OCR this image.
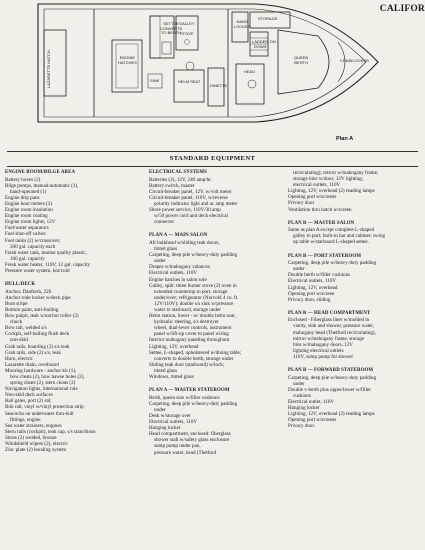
LAZARETTE HATCH	ENGINE
HATCHES
SETTEE
CONVERTS
TO BERTH
GALLEY
STOVE
SINK	HELM SEAT
DINETTE
HANG
LOCKER
STORAGE
LADDER
DOWN
DN
HEAD
QUEEN
BERTH	CHAINLOCKER
CALIFOR
Plan A
STANDARD EQUIPMENT
ENGINE ROOM/BILGE AREA
Battery boxes (2)
Bilge pumps, manual/automatic (1),
hand-operated (1)
Engine drip pans
Engine hour meters (2)
Engine room insulation
Engine room coating
Engine room lights, 12V
Fuel/water separators
Fuel shut-off valves
Fuel tanks (2) w/crossover,
200 gal. capacity each
Fresh water tank, marine quality plastic,
100 gal. capacity
Fresh water heater, 110V, 12 gal. capacity
Pressure water system, hot/cold
HULL/DECK
Anchor, Danforth, 22S
Anchor rode locker w/deck pipe
Boot stripe
Bottom paint, anti-fouling
Bow pulpit, teak w/anchor roller (2)
chock
Bow rail, welded s/s
Cockpit, self-bailing flush deck
non-skid
Grab rails, boarding (2) s/s teak
Grab rails, side (2) s/s, teak
Horn, electric
Lazarette drain, overboard
Mooring hardware - anchor kit (1),
bow cleats (2), bow hawse holes (2),
spring cleats (2), stern cleats (2)
Navigation lights, international rule
Non-skid deck surfaces
Rail gates, port (2) std.
Rub rail, vinyl w/vinyl protection strip
Seacocks on underwater thru-hull
fittings, engine
Sea water strainers, engines
Stern rails (cockpit), teak cap, s/s stanchions
Struts (2) welded, bronze
Windshield wipers (2), electric
Zinc plate (2) bonding system
ELECTRICAL SYSTEMS
Batteries (2), 12V, 240 amp/hr.
Battery switch, master
Circuit-breaker panel, 12V, w/volt meter
Circuit-breaker panel, 110V, w/reverse
polarity indicator light and ac amp meter
Shore power service, 110V/30 amp
w/50 power cord and deck electrical
connector
PLAN A — MAIN SALON
Aft bulkhead w/sliding teak doors,
tinted glass
Carpeting, deep pile w/heavy-duty padding
under
Drapes w/mahogany valances
Electrical outlets, 110V
Engine hatches in salon sole
Galley, split: three burner stove (2) oven in
extended countertop to port, storage
under/over; refrigerator (Norcold 4 cu. ft.
12V/110V); double s/s sink w/pressure
water to starboard, storage under
Helm station, lower - w/ double helm seat,
hydraulic steering, s/s destroyer
wheel, dual-lever controls, instrument
panel w/lift-up cover to panel wiring
Interior mahogany paneling throughout
Lighting, 12V, overhead
Settee, L-shaped, upholstered w/dining table;
converts to double berth, storage under
Sliding teak door (starboard) w/lock;
tinted glass
Windows, tinted glass
PLAN A — MASTER STATEROOM
Berth, queen size w/filler cushions
Carpeting, deep pile w/heavy-duty padding
under
Desk w/storage over
Electrical outlets, 110V
Hanging locker
Head compartment, enclosed: fiberglass
shower stall w/safety glass enclosure
sump pump under pan,
pressure water, head (Thetford
recirculating); mirror w/mahogany frame;
storage bins w/door; 12V lighting;
electrical outlets, 110V
Lighting, 12V, overhead (2) reading lamps
Opening port w/screens
Privacy door
Ventilation thru hatch w/screen
PLAN B — MASTER SALON
Same as plan A except complete L-shaped
galley to port; built-in bar and cabinet; swing
up table w/starboard L-shaped settee.
PLAN B — PORT STATEROOM
Carpeting, deep pile w/heavy-duty padding
under
Double berth w/filler cushions
Electrical outlets, 110V
Lighting, 12V, overhead
Opening port w/screen
Privacy door, sliding
PLAN B — HEAD COMPARTMENT
Enclosed - Fiberglass liner w/molded in
vanity, sink and shower, pressure water,
mahogany head (Thetford recirculating),
mirror w/mahogany frame, storage
bins w/mahogany doors, 12V
lighting electrical outlets
110V, sump pump for shower
PLAN B — FORWARD STATEROOM
Carpeting, deep pile w/heavy-duty padding
under
Double v-berth plus upper/lower w/filler
cushions
Electrical outlet, 110V
Hanging locker
Lighting, 12V, overhead (2) reading lamps
Opening port w/screens
Privacy door
